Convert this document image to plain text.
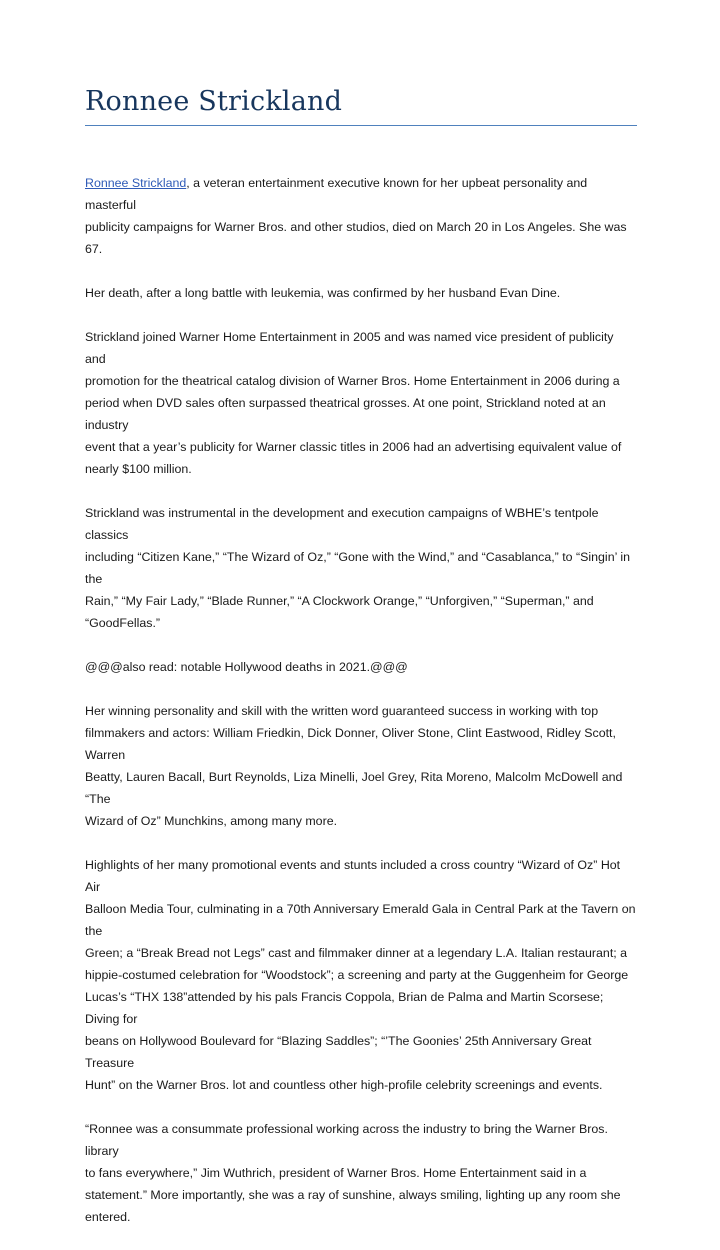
Ronnee Strickland

Ronnee Strickland, a veteran entertainment executive known for her upbeat personality and masterful
publicity campaigns for Warner Bros. and other studios, died on March 20 in Los Angeles. She was 67.

Her death, after a long battle with leukemia, was confirmed by her husband Evan Dine.

Strickland joined Warner Home Entertainment in 2005 and was named vice president of publicity and
promotion for the theatrical catalog division of Warner Bros. Home Entertainment in 2006 during a
period when DVD sales often surpassed theatrical grosses. At one point, Strickland noted at an industry
event that a year’s publicity for Warner classic titles in 2006 had an advertising equivalent value of
nearly $100 million.

Strickland was instrumental in the development and execution campaigns of WBHE’s tentpole classics
including “Citizen Kane,” “The Wizard of Oz,” “Gone with the Wind,” and “Casablanca,” to “Singin’ in the
Rain,” “My Fair Lady,” “Blade Runner,” “A Clockwork Orange,” “Unforgiven,” “Superman,” and
“GoodFellas.”

@@@also read: notable Hollywood deaths in 2021.@@@

Her winning personality and skill with the written word guaranteed success in working with top
filmmakers and actors: William Friedkin, Dick Donner, Oliver Stone, Clint Eastwood, Ridley Scott, Warren
Beatty, Lauren Bacall, Burt Reynolds, Liza Minelli, Joel Grey, Rita Moreno, Malcolm McDowell and “The
Wizard of Oz” Munchkins, among many more.

Highlights of her many promotional events and stunts included a cross country “Wizard of Oz” Hot Air
Balloon Media Tour, culminating in a 70th Anniversary Emerald Gala in Central Park at the Tavern on the
Green; a “Break Bread not Legs” cast and filmmaker dinner at a legendary L.A. Italian restaurant; a
hippie-costumed celebration for “Woodstock”; a screening and party at the Guggenheim for George
Lucas’s “THX 138”attended by his pals Francis Coppola, Brian de Palma and Martin Scorsese; Diving for
beans on Hollywood Boulevard for “Blazing Saddles”; “’The Goonies’ 25th Anniversary Great Treasure
Hunt” on the Warner Bros. lot and countless other high-profile celebrity screenings and events.

“Ronnee was a consummate professional working across the industry to bring the Warner Bros. library
to fans everywhere,” Jim Wuthrich, president of Warner Bros. Home Entertainment said in a
statement.” More importantly, she was a ray of sunshine, always smiling, lighting up any room she
entered.
